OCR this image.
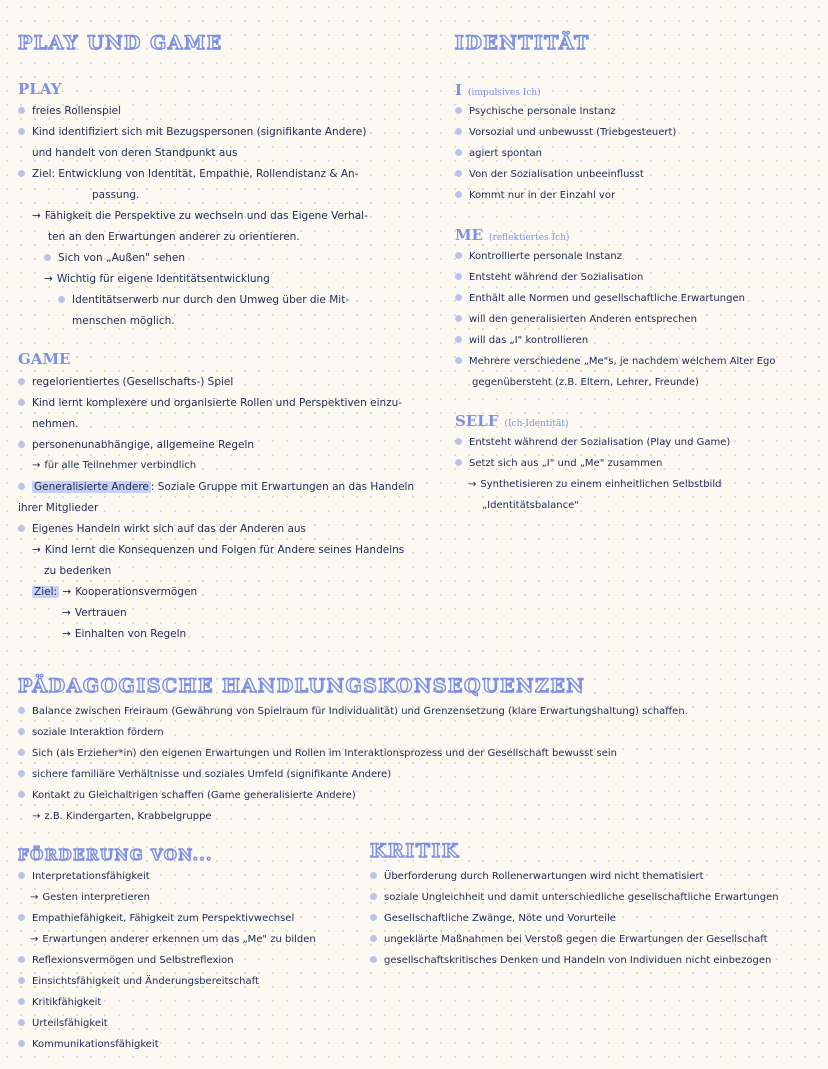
PLAY UND GAME
PLAY
freies Rollenspiel
Kind identifiziert sich mit Bezugspersonen (signifikante Andere)
und handelt von deren Standpunkt aus
Ziel: Entwicklung von Identität, Empathie, Rollendistanz & An-
passung.
→ Fähigkeit die Perspektive zu wechseln und das Eigene Verhal-
ten an den Erwartungen anderer zu orientieren.
Sich von „Außen" sehen
→ Wichtig für eigene Identitätsentwicklung
Identitätserwerb nur durch den Umweg über die Mit-
menschen möglich.
GAME
regelorientiertes (Gesellschafts-) Spiel
Kind lernt komplexere und organisierte Rollen und Perspektiven einzu-
nehmen.
personenunabhängige, allgemeine Regeln
→ für alle Teilnehmer verbindlich
Generalisierte Andere : Soziale Gruppe mit Erwartungen an das Handeln
ihrer Mitglieder
Eigenes Handeln wirkt sich auf das der Anderen aus
→ Kind lernt die Konsequenzen und Folgen für Andere seines Handelns
zu bedenken
Ziel: → Kooperationsvermögen
→ Vertrauen
→ Einhalten von Regeln
IDENTITÄT
I (impulsives Ich)
Psychische personale Instanz
Vorsozial und unbewusst (Triebgesteuert)
agiert spontan
Von der Sozialisation unbeeinflusst
Kommt nur in der Einzahl vor
ME (reflektiertes Ich)
Kontrollierte personale Instanz
Entsteht während der Sozialisation
Enthält alle Normen und gesellschaftliche Erwartungen
will den generalisierten Anderen entsprechen
will das „I" kontrollieren
Mehrere verschiedene „Me"s, je nachdem welchem Alter Ego
gegenübersteht (z.B. Eltern, Lehrer, Freunde)
SELF (Ich-Identität)
Entsteht während der Sozialisation (Play und Game)
Setzt sich aus „I" und „Me" zusammen
→ Synthetisieren zu einem einheitlichen Selbstbild
„Identitätsbalance"
PÄDAGOGISCHE HANDLUNGSKONSEQUENZEN
Balance zwischen Freiraum (Gewährung von Spielraum für Individualität) und Grenzensetzung (klare Erwartungshaltung) schaffen.
soziale Interaktion fördern
Sich (als Erzieher*in) den eigenen Erwartungen und Rollen im Interaktionsprozess und der Gesellschaft bewusst sein
sichere familiäre Verhältnisse und soziales Umfeld (signifikante Andere)
Kontakt zu Gleichaltrigen schaffen (Game generalisierte Andere)
→ z.B. Kindergarten, Krabbelgruppe
FÖRDERUNG VON...
Interpretationsfähigkeit
→ Gesten interpretieren
Empathiefähigkeit, Fähigkeit zum Perspektivwechsel
→ Erwartungen anderer erkennen um das „Me" zu bilden
Reflexionsvermögen und Selbstreflexion
Einsichtsfähigkeit und Änderungsbereitschaft
Kritikfähigkeit
Urteilsfähigkeit
Kommunikationsfähigkeit
KRITIK
Überforderung durch Rollenerwartungen wird nicht thematisiert
soziale Ungleichheit und damit unterschiedliche gesellschaftliche Erwartungen
Gesellschaftliche Zwänge, Nöte und Vorurteile
ungeklärte Maßnahmen bei Verstoß gegen die Erwartungen der Gesellschaft
gesellschaftskritisches Denken und Handeln von Individuen nicht einbezogen
